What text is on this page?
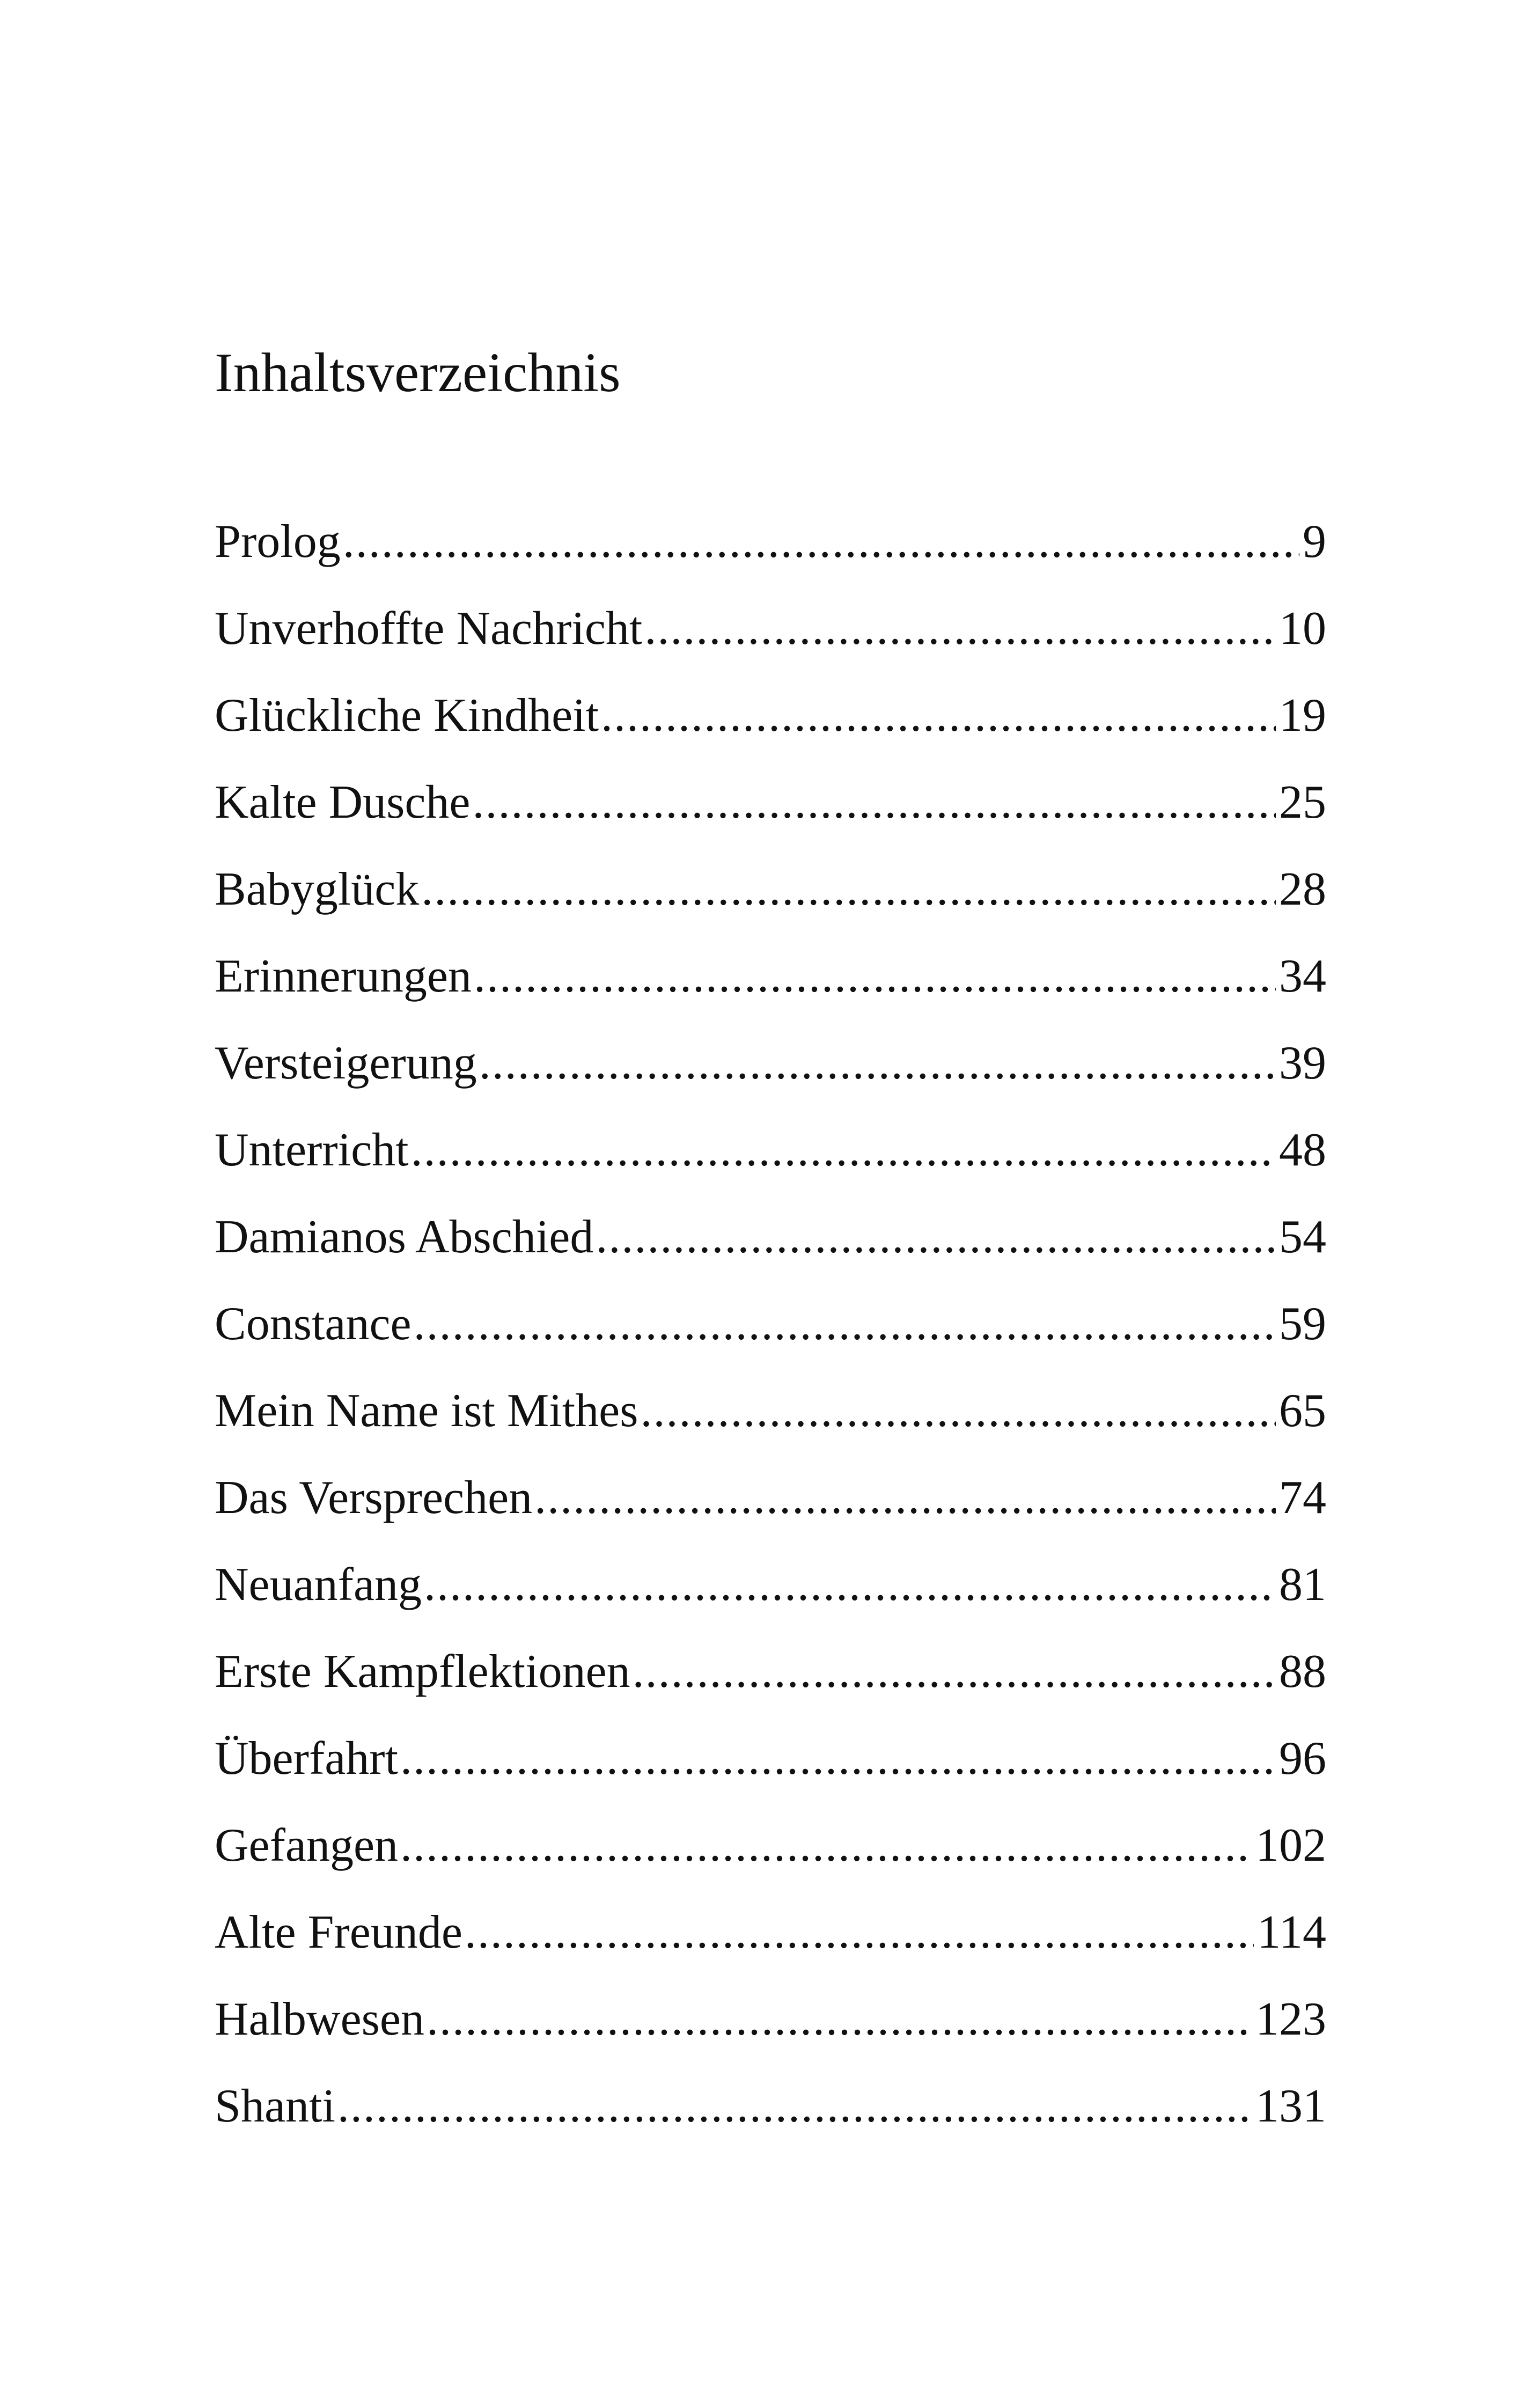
Inhaltsverzeichnis
Prolog .....	9
Unverhoffte Nachricht .....	10
Glückliche Kindheit .....	19
Kalte Dusche .....	25
Babyglück .....	28
Erinnerungen .....	34
Versteigerung .....	39
Unterricht .....	48
Damianos Abschied .....	54
Constance .....	59
Mein Name ist Mithes .....	65
Das Versprechen .....	74
Neuanfang .....	81
Erste Kampflektionen .....	88
Überfahrt .....	96
Gefangen .....	102
Alte Freunde .....	114
Halbwesen .....	123
Shanti .....	131
